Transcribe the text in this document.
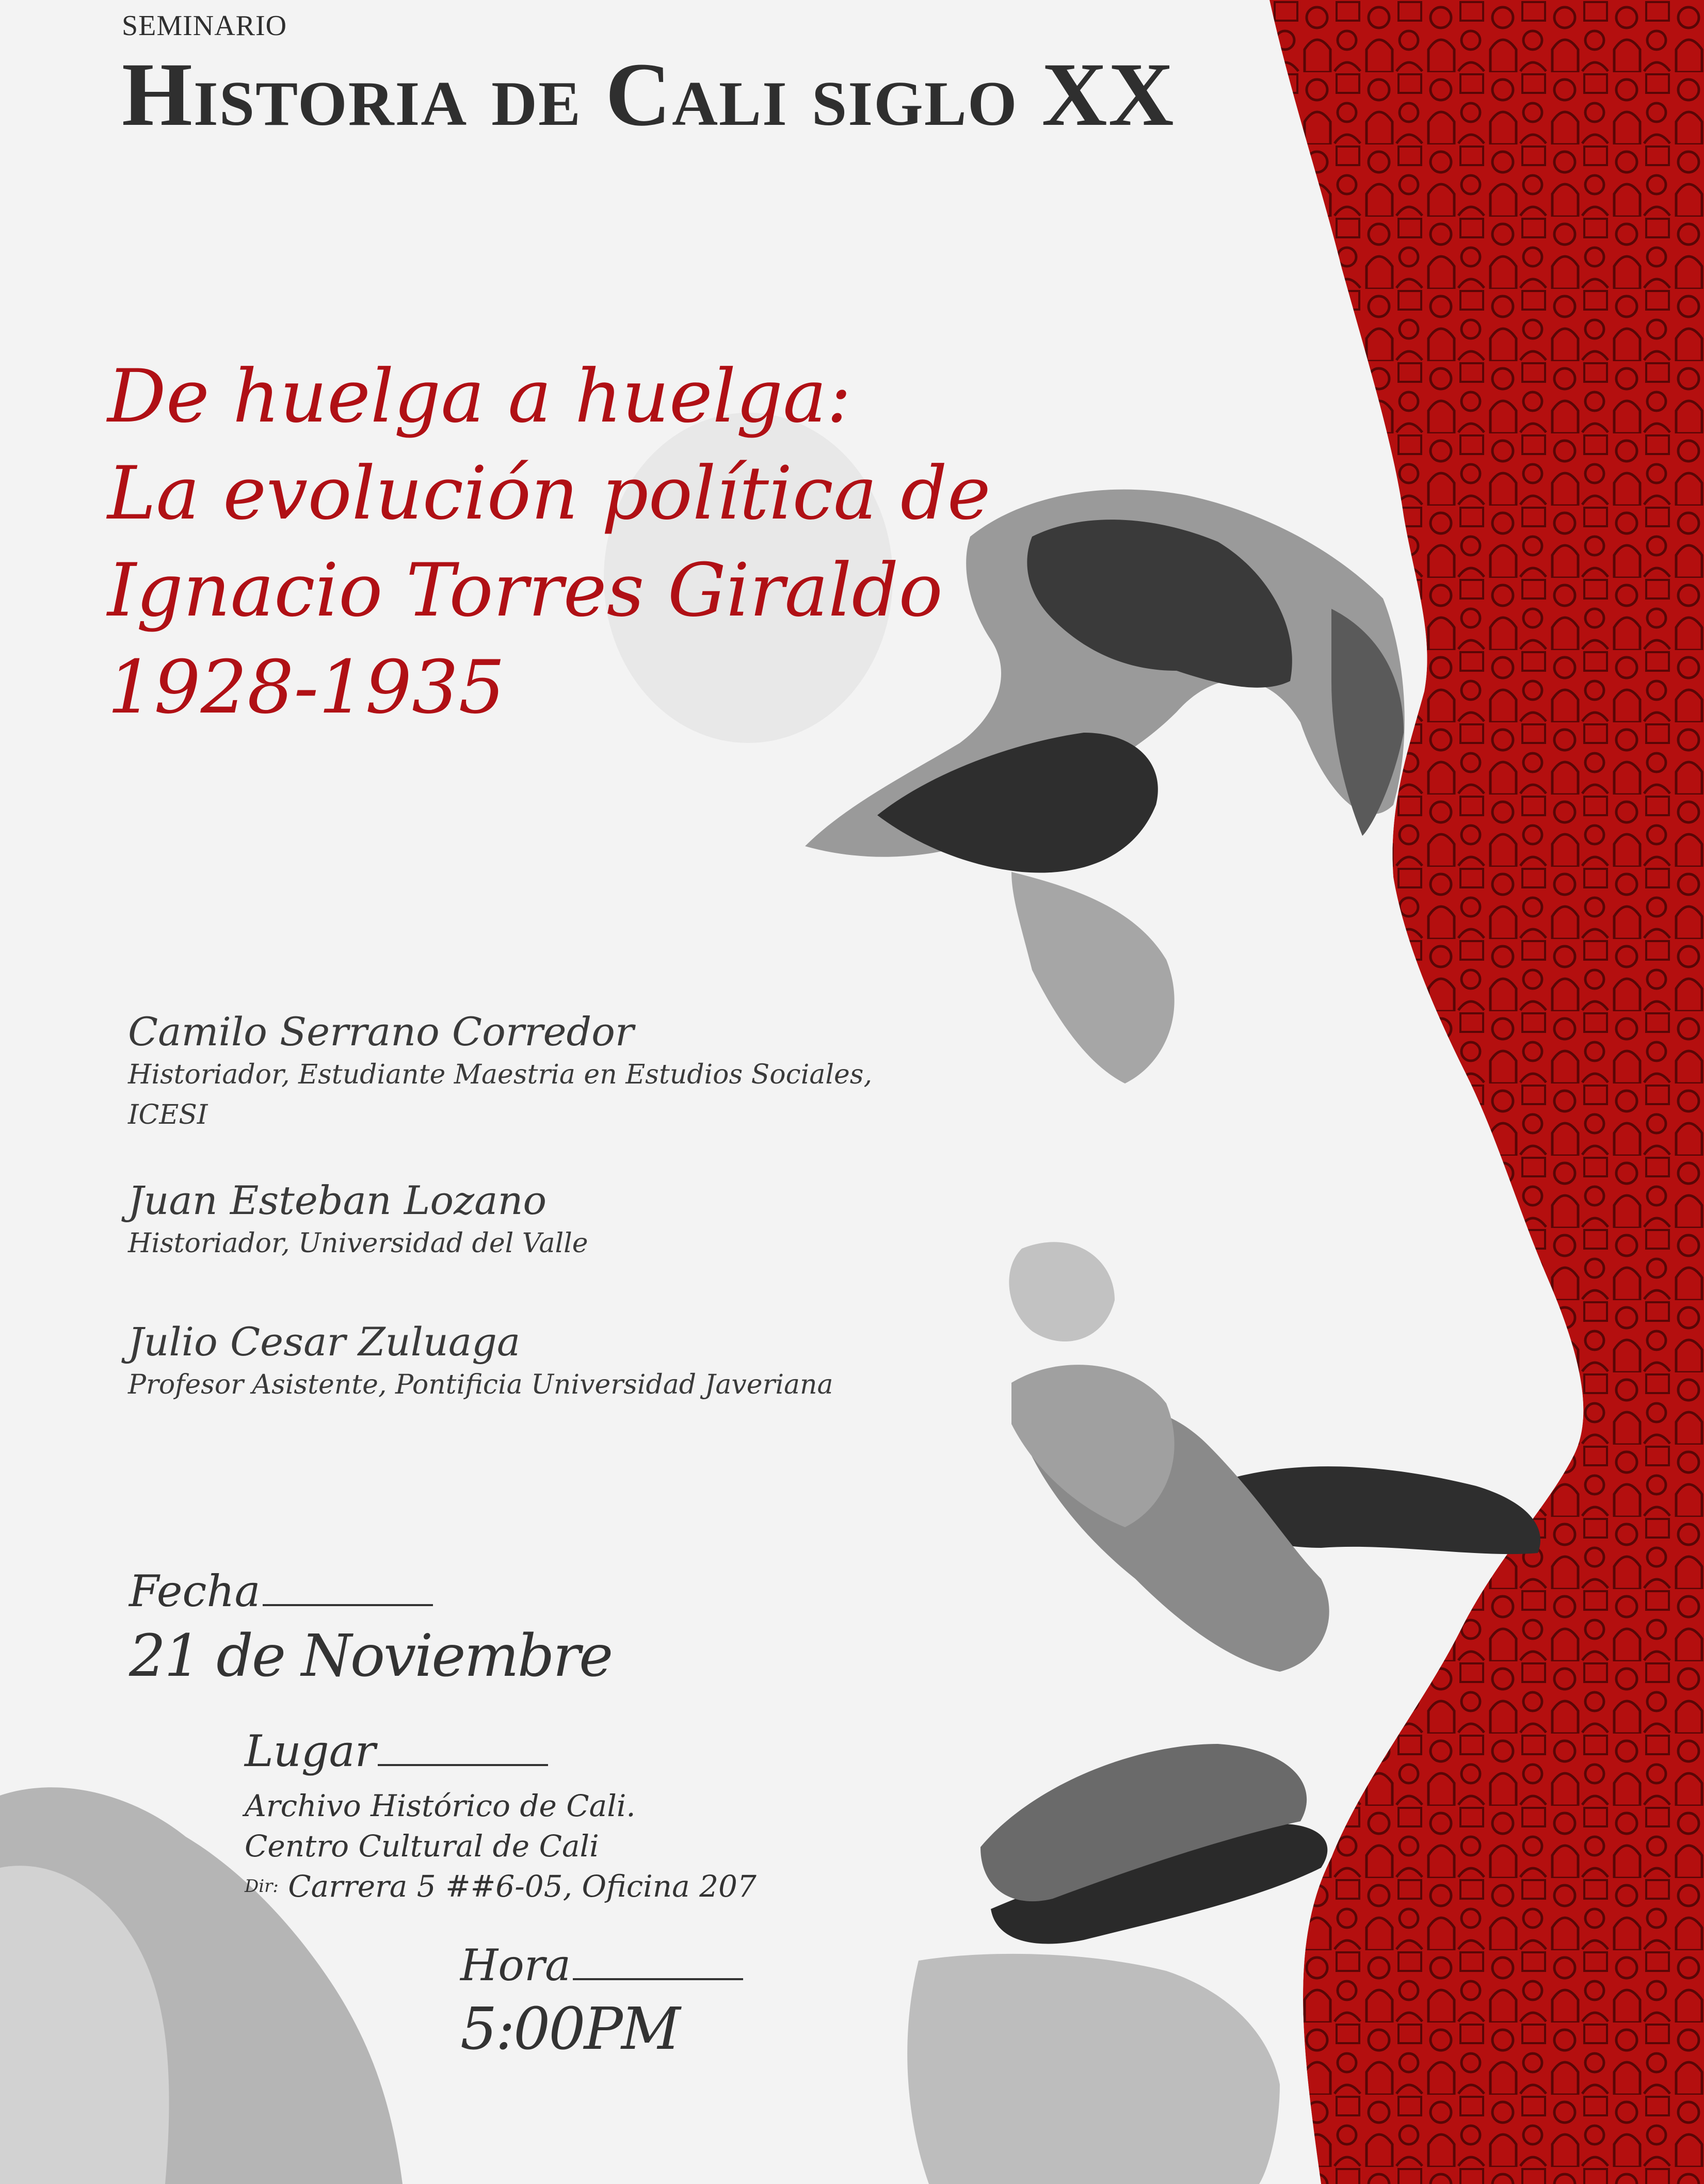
SEMINARIO

Historia de Cali siglo XX
De huelga a huelga:
La evolución política de
Ignacio Torres Giraldo
1928-1935
Camilo Serrano Corredor
Historiador, Estudiante Maestria en Estudios Sociales, ICESI
Juan Esteban Lozano
Historiador, Universidad del Valle
Julio Cesar Zuluaga
Profesor Asistente, Pontificia Universidad Javeriana
Fecha
21 de Noviembre
Lugar
Archivo Histórico de Cali.
Centro Cultural de Cali
$^{Dir:}$ Carrera 5 ##6-05, Oficina 207
Hora
5:00PM
